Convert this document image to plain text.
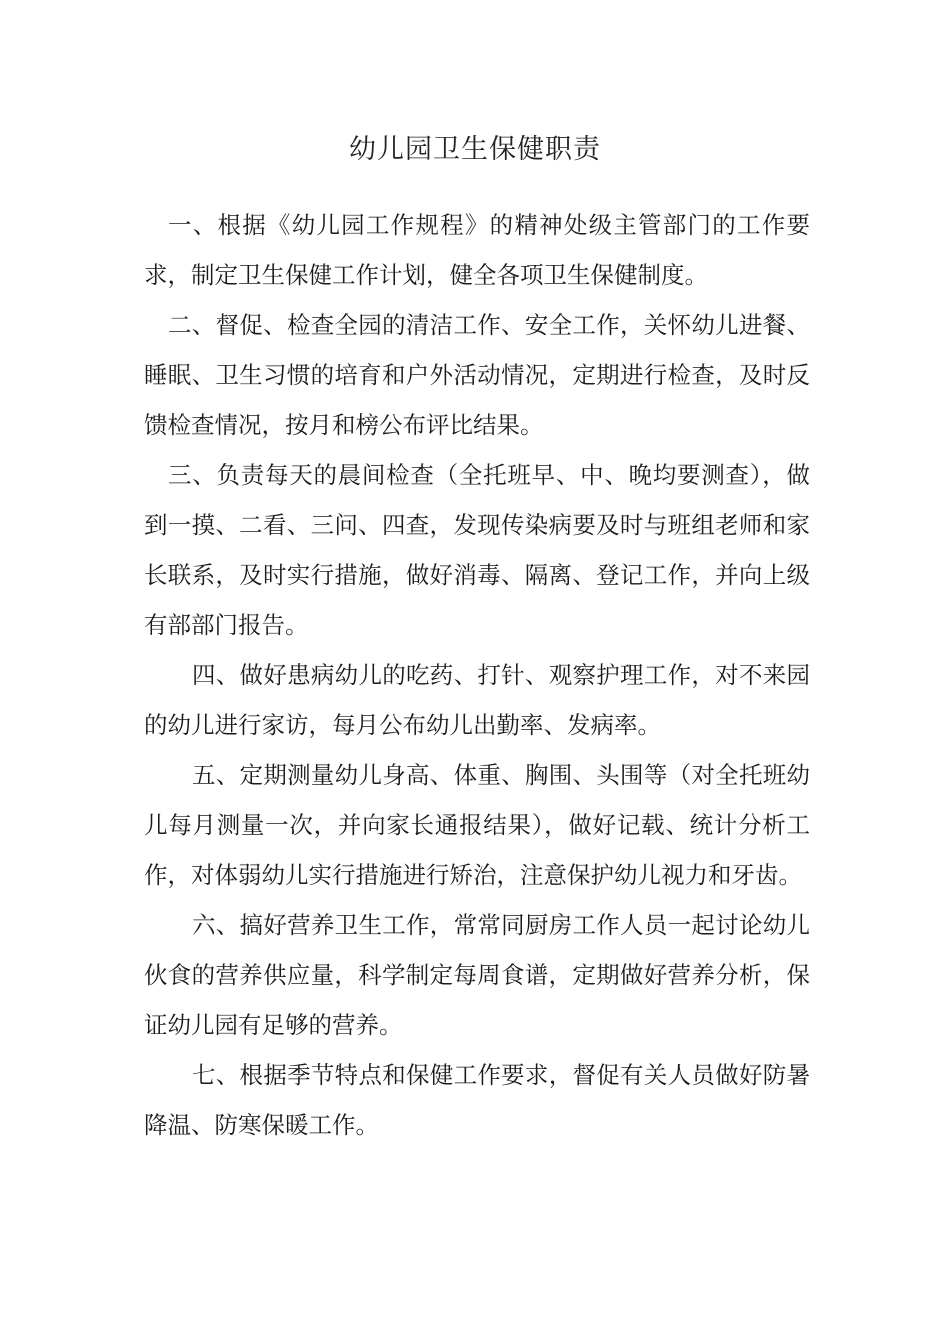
幼儿园卫生保健职责

一、根据《幼儿园工作规程》的精神处级主管部门的工作要求，制定卫生保健工作计划，健全各项卫生保健制度。

二、督促、检查全园的清洁工作、安全工作，关怀幼儿进餐、睡眠、卫生习惯的培育和户外活动情况，定期进行检查，及时反馈检查情况，按月和榜公布评比结果。

三、负责每天的晨间检查（全托班早、中、晚均要测查），做到一摸、二看、三问、四查，发现传染病要及时与班组老师和家长联系，及时实行措施，做好消毒、隔离、登记工作，并向上级有部部门报告。

四、做好患病幼儿的吃药、打针、观察护理工作，对不来园的幼儿进行家访，每月公布幼儿出勤率、发病率。

五、定期测量幼儿身高、体重、胸围、头围等（对全托班幼儿每月测量一次，并向家长通报结果），做好记载、统计分析工作，对体弱幼儿实行措施进行矫治，注意保护幼儿视力和牙齿。

六、搞好营养卫生工作，常常同厨房工作人员一起讨论幼儿伙食的营养供应量，科学制定每周食谱，定期做好营养分析，保证幼儿园有足够的营养。

七、根据季节特点和保健工作要求，督促有关人员做好防暑降温、防寒保暖工作。
